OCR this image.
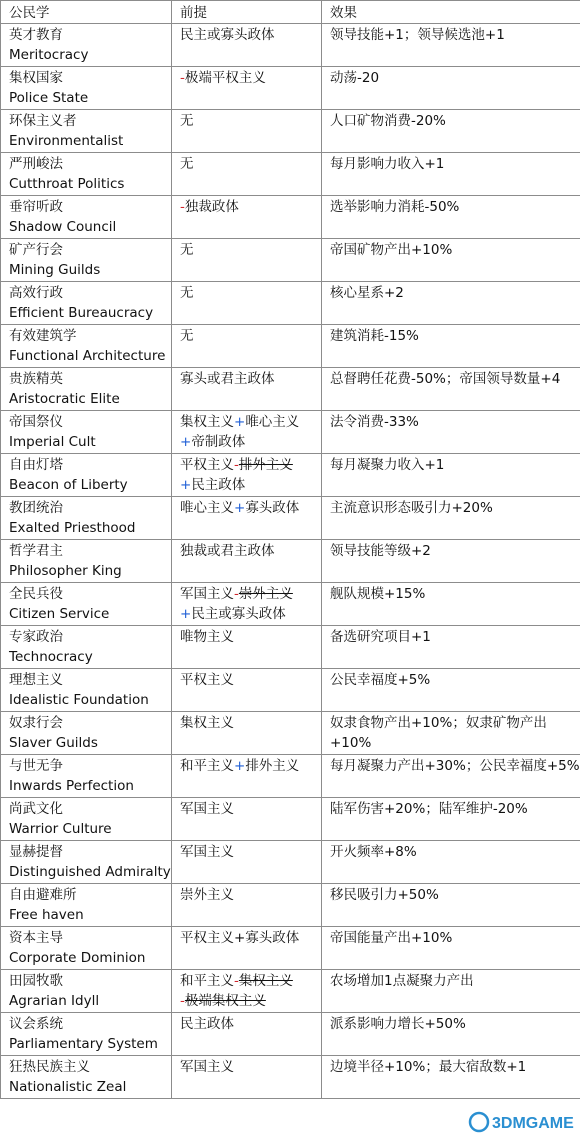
公民学	前提	效果

英才教育
Meritocracy	民主或寡头政体	领导技能+1；领导候选池+1

集权国家
Police State	-极端平权主义	动荡-20

环保主义者
Environmentalist	无	人口矿物消费-20%

严刑峻法
Cutthroat Politics	无	每月影响力收入+1

垂帘听政
Shadow Council	-独裁政体	选举影响力消耗-50%

矿产行会
Mining Guilds	无	帝国矿物产出+10%

高效行政
Efficient Bureaucracy	无	核心星系+2

有效建筑学
Functional Architecture	无	建筑消耗-15%

贵族精英
Aristocratic Elite	寡头或君主政体	总督聘任花费-50%；帝国领导数量+4

帝国祭仪
Imperial Cult	集权主义+唯心主义
+帝制政体	法令消费-33%

自由灯塔
Beacon of Liberty	平权主义-排外主义
+民主政体	每月凝聚力收入+1

教团统治
Exalted Priesthood	唯心主义+寡头政体	主流意识形态吸引力+20%

哲学君主
Philosopher King	独裁或君主政体	领导技能等级+2

全民兵役
Citizen Service	军国主义-崇外主义
+民主或寡头政体	舰队规模+15%

专家政治
Technocracy	唯物主义	备选研究项目+1

理想主义
Idealistic Foundation	平权主义	公民幸福度+5%

奴隶行会
Slaver Guilds	集权主义	奴隶食物产出+10%；奴隶矿物产出+10%

与世无争
Inwards Perfection	和平主义+排外主义	每月凝聚力产出+30%；公民幸福度+5%

尚武文化
Warrior Culture	军国主义	陆军伤害+20%；陆军维护-20%

显赫提督
Distinguished Admiralty	军国主义	开火频率+8%

自由避难所
Free haven	崇外主义	移民吸引力+50%

资本主导
Corporate Dominion	平权主义+寡头政体	帝国能量产出+10%

田园牧歌
Agrarian Idyll	和平主义-集权主义
-极端集权主义	农场增加1点凝聚力产出

议会系统
Parliamentary System	民主政体	派系影响力增长+50%

狂热民族主义
Nationalistic Zeal	军国主义	边境半径+10%；最大宿敌数+1
3DMGAME
